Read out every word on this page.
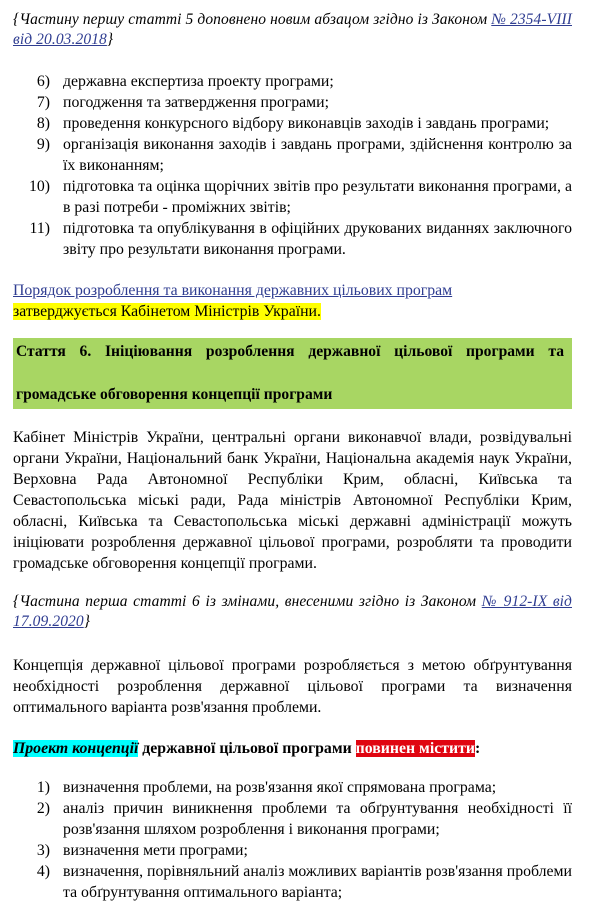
{Частину першу статті 5 доповнено новим абзацом згідно із Законом № 2354-VIII від 20.03.2018}

6) державна експертиза проекту програми;
7) погодження та затвердження програми;
8) проведення конкурсного відбору виконавців заходів і завдань програми;
9) організація виконання заходів і завдань програми, здійснення контролю за їх виконанням;
10) підготовка та оцінка щорічних звітів про результати виконання програми, а в разі потреби - проміжних звітів;
11) підготовка та опублікування в офіційних друкованих виданнях заключного звіту про результати виконання програми.

Порядок розроблення та виконання державних цільових програм

затверджується Кабінетом Міністрів України.

Стаття 6. Ініціювання розроблення державної цільової програми та
громадське обговорення концепції програми

Кабінет Міністрів України, центральні органи виконавчої влади, розвідувальні органи України, Національний банк України, Національна академія наук України, Верховна Рада Автономної Республіки Крим, обласні, Київська та Севастопольська міські ради, Рада міністрів Автономної Республіки Крим, обласні, Київська та Севастопольська міські державні адміністрації можуть ініціювати розроблення державної цільової програми, розробляти та проводити громадське обговорення концепції програми.

{Частина перша статті 6 із змінами, внесеними згідно із Законом № 912-IX від 17.09.2020}

Концепція державної цільової програми розробляється з метою обґрунтування необхідності розроблення державної цільової програми та визначення оптимального варіанта розв'язання проблеми.

Проект концепції державної цільової програми повинен містити:

1) визначення проблеми, на розв'язання якої спрямована програма;
2) аналіз причин виникнення проблеми та обґрунтування необхідності її розв'язання шляхом розроблення і виконання програми;
3) визначення мети програми;
4) визначення, порівняльний аналіз можливих варіантів розв'язання проблеми та обґрунтування оптимального варіанта;
